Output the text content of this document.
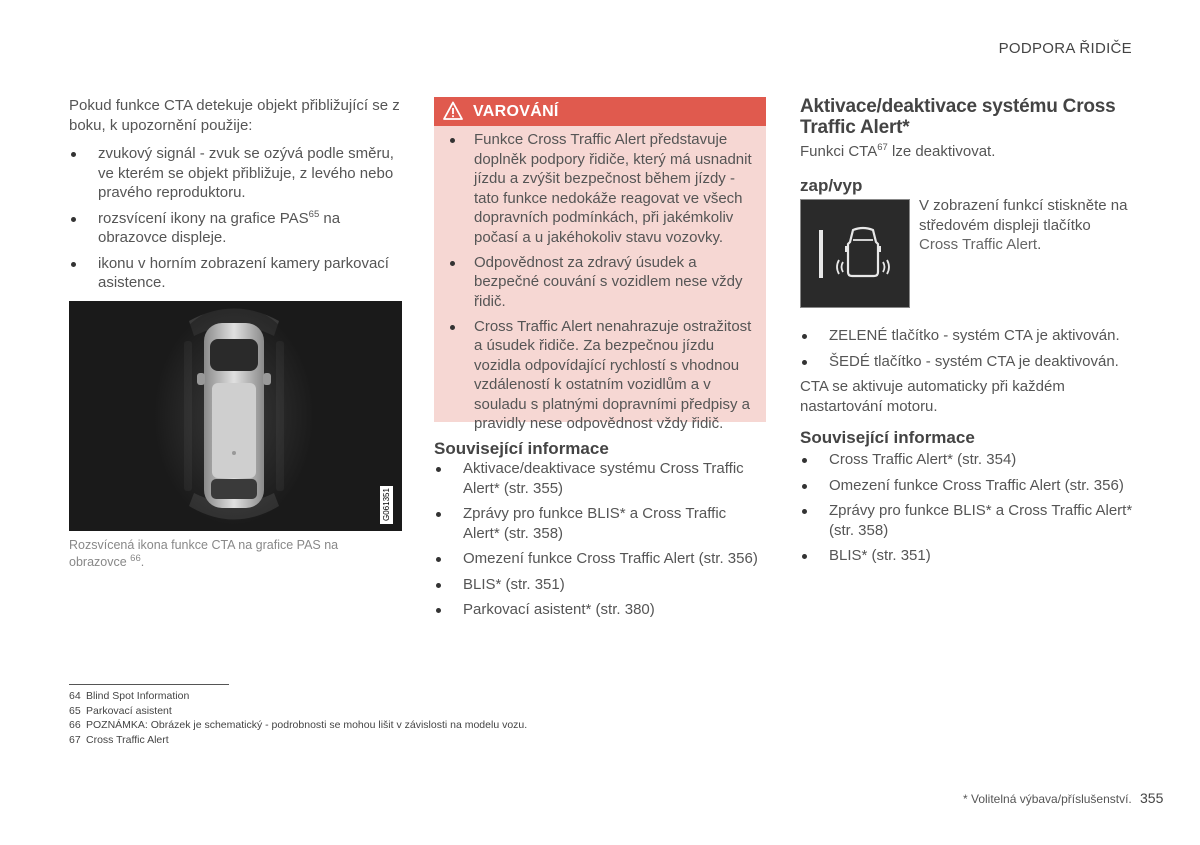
PODPORA ŘIDIČE

Pokud funkce CTA detekuje objekt přibližující se z boku, k upozornění použije:

zvukový signál - zvuk se ozývá podle směru, ve kterém se objekt přibližuje, z levého nebo pravého reproduktoru.
rozsvícení ikony na grafice PAS$^{65}$ na obrazovce displeje.
ikonu v horním zobrazení kamery parkovací asistence.
G061351
Rozsvícená ikona funkce CTA na grafice PAS na obrazovce $^{66}$.
VAROVÁNÍ
Funkce Cross Traffic Alert představuje doplněk podpory řidiče, který má usnadnit jízdu a zvýšit bezpečnost během jízdy - tato funkce nedokáže reagovat ve všech dopravních podmínkách, při jakémkoliv počasí a u jakéhokoliv stavu vozovky.
Odpovědnost za zdravý úsudek a bezpečné couvání s vozidlem nese vždy řidič.
Cross Traffic Alert nenahrazuje ostražitost a úsudek řidiče. Za bezpečnou jízdu vozidla odpovídající rychlostí s vhodnou vzdáleností k ostatním vozidlům a v souladu s platnými dopravními předpisy a pravidly nese odpovědnost vždy řidič.
Související informace
Aktivace/deaktivace systému Cross Traffic Alert* (str. 355)
Zprávy pro funkce BLIS* a Cross Traffic Alert* (str. 358)
Omezení funkce Cross Traffic Alert (str. 356)
BLIS* (str. 351)
Parkovací asistent* (str. 380)
Aktivace/deaktivace systému Cross Traffic Alert*

Funkci CTA$^{67}$ lze deaktivovat.

zap/vyp

V zobrazení funkcí stiskněte na středovém displeji tlačítko Cross Traffic Alert.

ZELENÉ tlačítko - systém CTA je aktivován.
ŠEDÉ tlačítko - systém CTA je deaktivován.

CTA se aktivuje automaticky při každém nastartování motoru.

Související informace
Cross Traffic Alert* (str. 354)
Omezení funkce Cross Traffic Alert (str. 356)
Zprávy pro funkce BLIS* a Cross Traffic Alert* (str. 358)
BLIS* (str. 351)
64 Blind Spot Information
65 Parkovací asistent
66 POZNÁMKA: Obrázek je schematický - podrobnosti se mohou lišit v závislosti na modelu vozu.
67 Cross Traffic Alert
* Volitelná výbava/příslušenství. 355
